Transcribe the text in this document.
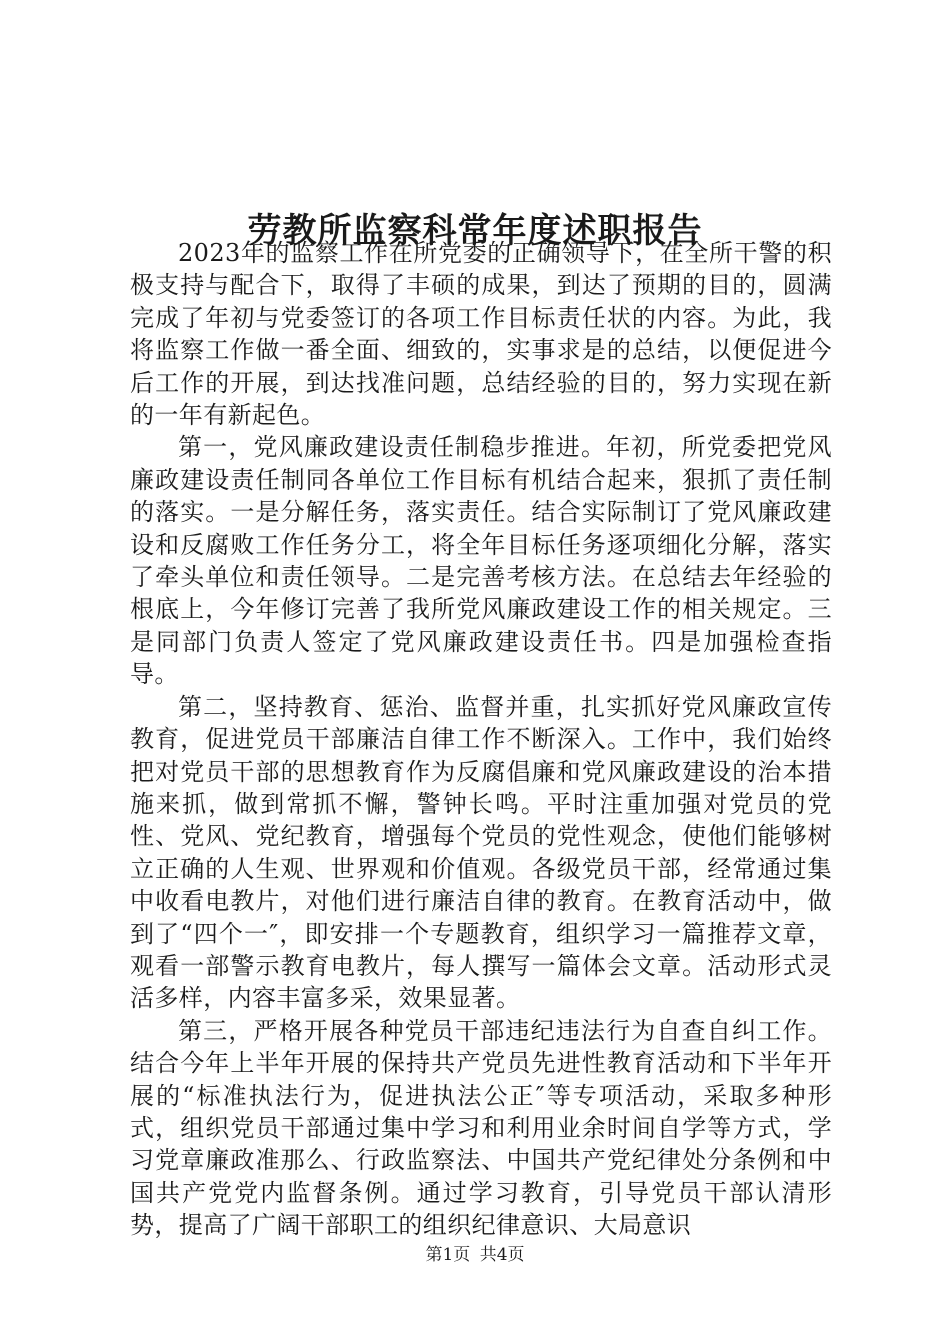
劳教所监察科常年度述职报告

2023年的监察工作在所党委的正确领导下，在全所干警的积极支持与配合下，取得了丰硕的成果，到达了预期的目的，圆满完成了年初与党委签订的各项工作目标责任状的内容。为此，我将监察工作做一番全面、细致的，实事求是的总结，以便促进今后工作的开展，到达找准问题，总结经验的目的，努力实现在新的一年有新起色。

第一，党风廉政建设责任制稳步推进。年初，所党委把党风廉政建设责任制同各单位工作目标有机结合起来，狠抓了责任制的落实。一是分解任务，落实责任。结合实际制订了党风廉政建设和反腐败工作任务分工，将全年目标任务逐项细化分解，落实了牵头单位和责任领导。二是完善考核方法。在总结去年经验的根底上，今年修订完善了我所党风廉政建设工作的相关规定。三是同部门负责人签定了党风廉政建设责任书。四是加强检查指导。

第二，坚持教育、惩治、监督并重，扎实抓好党风廉政宣传教育，促进党员干部廉洁自律工作不断深入。工作中，我们始终把对党员干部的思想教育作为反腐倡廉和党风廉政建设的治本措施来抓，做到常抓不懈，警钟长鸣。平时注重加强对党员的党性、党风、党纪教育，增强每个党员的党性观念，使他们能够树立正确的人生观、世界观和价值观。各级党员干部，经常通过集中收看电教片，对他们进行廉洁自律的教育。在教育活动中，做到了“四个一″，即安排一个专题教育，组织学习一篇推荐文章，观看一部警示教育电教片，每人撰写一篇体会文章。活动形式灵活多样，内容丰富多采，效果显著。

第三，严格开展各种党员干部违纪违法行为自查自纠工作。结合今年上半年开展的保持共产党员先进性教育活动和下半年开展的“标准执法行为，促进执法公正″等专项活动，采取多种形式，组织党员干部通过集中学习和利用业余时间自学等方式，学习党章廉政准那么、行政监察法、中国共产党纪律处分条例和中国共产党党内监督条例。通过学习教育，引导党员干部认清形势，提高了广阔干部职工的组织纪律意识、大局意识

第1页 共4页
